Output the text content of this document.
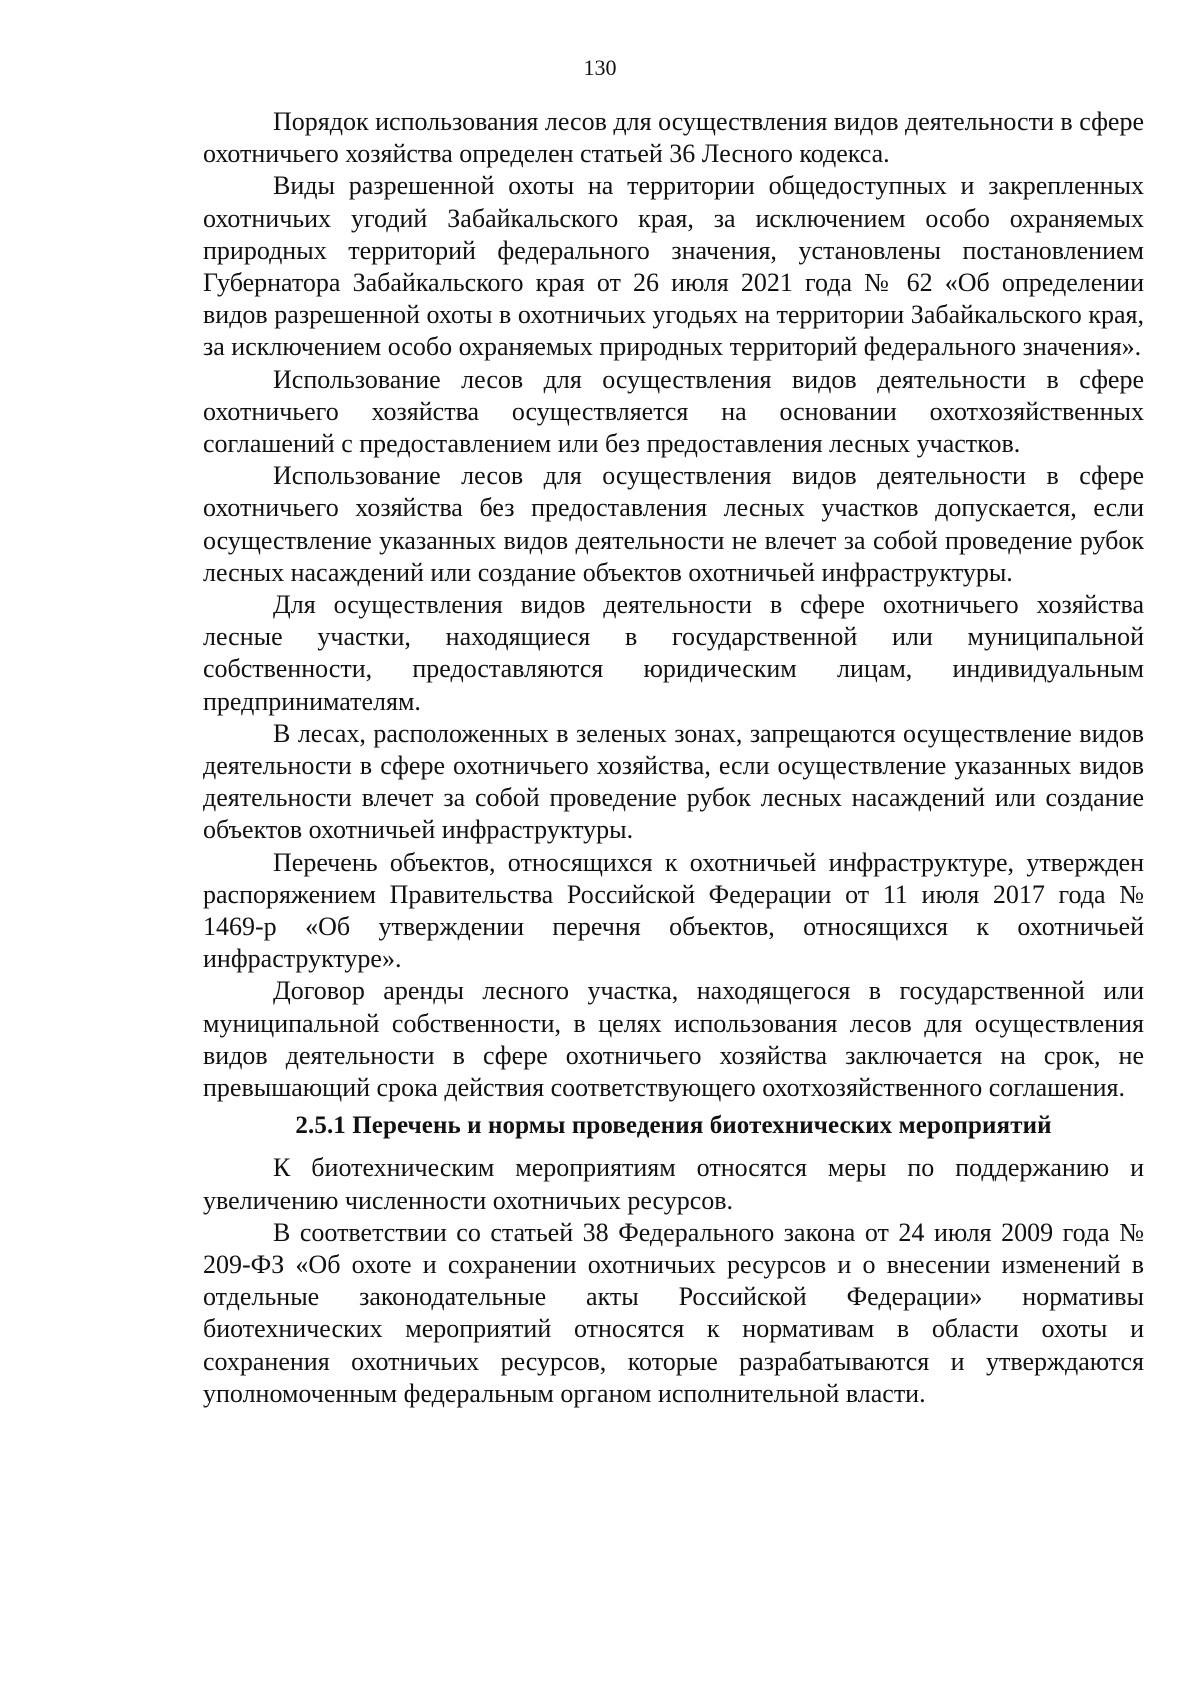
130

Порядок использования лесов для осуществления видов деятельности в сфере охотничьего хозяйства определен статьей 36 Лесного кодекса.

Виды разрешенной охоты на территории общедоступных и закрепленных охотничьих угодий Забайкальского края, за исключением особо охраняемых природных территорий федерального значения, установлены постановлением Губернатора Забайкальского края от 26 июля 2021 года № 62 «Об определении видов разрешенной охоты в охотничьих угодьях на территории Забайкальского края, за исключением особо охраняемых природных территорий федерального значения».

Использование лесов для осуществления видов деятельности в сфере охотничьего хозяйства осуществляется на основании охотхозяйственных соглашений с предоставлением или без предоставления лесных участков.

Использование лесов для осуществления видов деятельности в сфере охотничьего хозяйства без предоставления лесных участков допускается, если осуществление указанных видов деятельности не влечет за собой проведение рубок лесных насаждений или создание объектов охотничьей инфраструктуры.

Для осуществления видов деятельности в сфере охотничьего хозяйства лесные участки, находящиеся в государственной или муниципальной собственности, предоставляются юридическим лицам, индивидуальным предпринимателям.

В лесах, расположенных в зеленых зонах, запрещаются осуществление видов деятельности в сфере охотничьего хозяйства, если осуществление указанных видов деятельности влечет за собой проведение рубок лесных насаждений или создание объектов охотничьей инфраструктуры.

Перечень объектов, относящихся к охотничьей инфраструктуре, утвержден распоряжением Правительства Российской Федерации от 11 июля 2017 года № 1469-р «Об утверждении перечня объектов, относящихся к охотничьей инфраструктуре».

Договор аренды лесного участка, находящегося в государственной или муниципальной собственности, в целях использования лесов для осуществления видов деятельности в сфере охотничьего хозяйства заключается на срок, не превышающий срока действия соответствующего охотхозяйственного соглашения.

2.5.1 Перечень и нормы проведения биотехнических мероприятий

К биотехническим мероприятиям относятся меры по поддержанию и увеличению численности охотничьих ресурсов.

В соответствии со статьей 38 Федерального закона от 24 июля 2009 года № 209-ФЗ «Об охоте и сохранении охотничьих ресурсов и о внесении изменений в отдельные законодательные акты Российской Федерации» нормативы биотехнических мероприятий относятся к нормативам в области охоты и сохранения охотничьих ресурсов, которые разрабатываются и утверждаются уполномоченным федеральным органом исполнительной власти.
